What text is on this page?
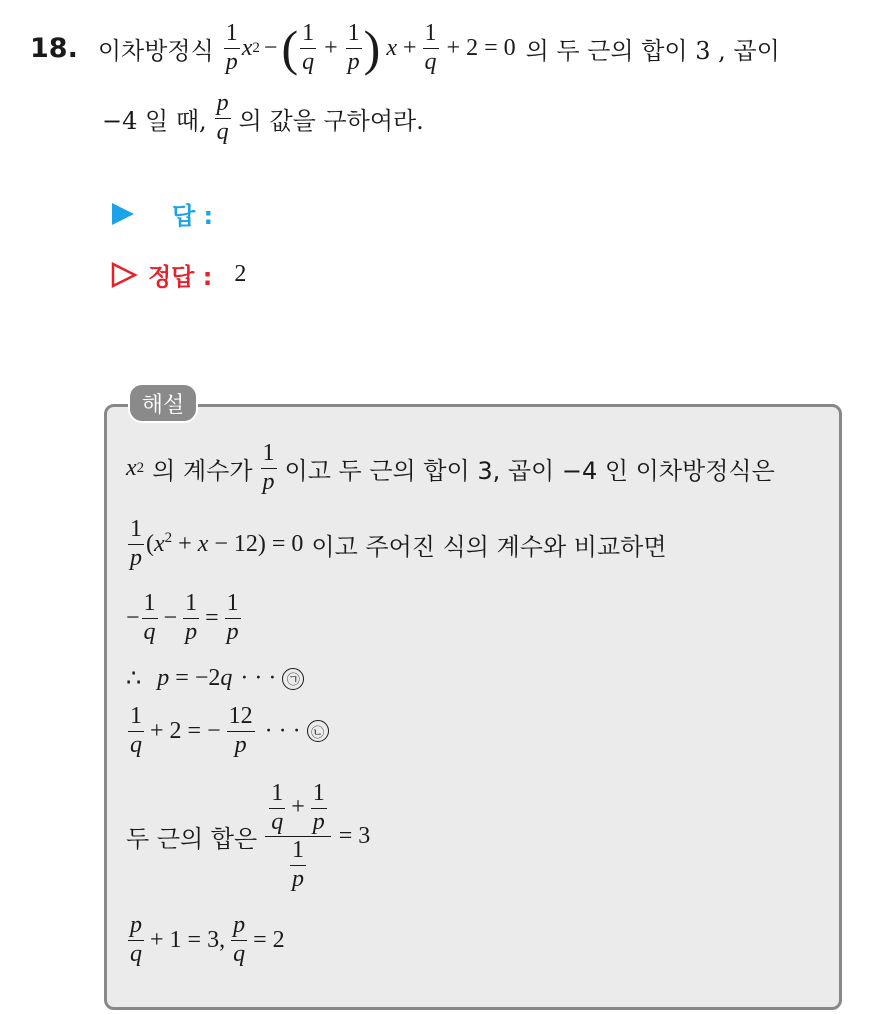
18. 이차방정식 $\frac{1}{p}$ x 2 − ( $\frac{1}{q} + \frac{1}{p}$ ) $x + \frac{1}{q} + 2 = 0$ 의 두 근의 합이 3 , 곱이
−4 일 때, $\frac{p}{q}$ 의 값을 구하여라.
답 :
정답 : 2
해설
x 2 의 계수가 $\frac{1}{p}$ 이고 두 근의 합이 3, 곱이 −4 인 이차방정식은
$\frac{1}{p} (x^2 + x - 12) = 0$ 이고 주어진 식의 계수와 비교하면
− $\frac{1}{q} - \frac{1}{p} = \frac{1}{p}$
∴ p = −2q · · · ㉠
$\frac{1}{q} + 2$ = − $\frac{12}{p}$ · · · ㉡
두 근의 합은 $\frac{\frac{1}{q} + \frac{1}{p}}{\frac{1}{p}} = 3$
$\frac{p}{q} + 1 = 3$, $\frac{p}{q} = 2$
